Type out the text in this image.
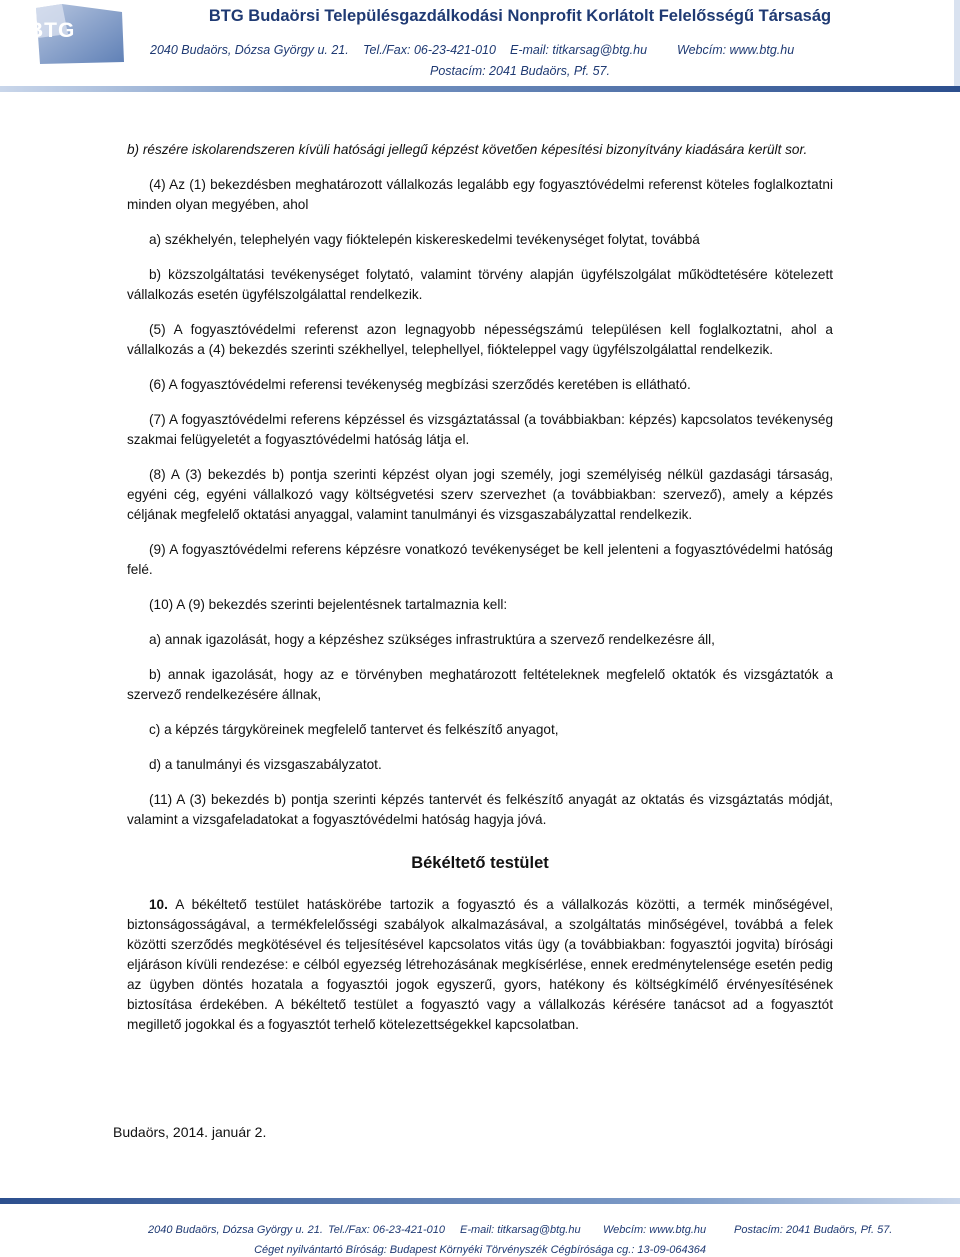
BTG
BTG Budaörsi Településgazdálkodási Nonprofit Korlátolt Felelősségű Társaság
2040 Budaörs, Dózsa György u. 21. Tel./Fax: 06-23-421-010 E-mail: titkarsag@btg.hu Webcím: www.btg.hu
Postacím: 2041 Budaörs, Pf. 57.

b) részére iskolarendszeren kívüli hatósági jellegű képzést követően képesítési bizonyítvány kiadására került sor.

(4) Az (1) bekezdésben meghatározott vállalkozás legalább egy fogyasztóvédelmi referenst köteles foglalkoztatni minden olyan megyében, ahol

a) székhelyén, telephelyén vagy fióktelepén kiskereskedelmi tevékenységet folytat, továbbá

b) közszolgáltatási tevékenységet folytató, valamint törvény alapján ügyfélszolgálat működtetésére kötelezett vállalkozás esetén ügyfélszolgálattal rendelkezik.

(5) A fogyasztóvédelmi referenst azon legnagyobb népességszámú településen kell foglalkoztatni, ahol a vállalkozás a (4) bekezdés szerinti székhellyel, telephellyel, fiókteleppel vagy ügyfélszolgálattal rendelkezik.

(6) A fogyasztóvédelmi referensi tevékenység megbízási szerződés keretében is ellátható.

(7) A fogyasztóvédelmi referens képzéssel és vizsgáztatással (a továbbiakban: képzés) kapcsolatos tevékenység szakmai felügyeletét a fogyasztóvédelmi hatóság látja el.

(8) A (3) bekezdés b) pontja szerinti képzést olyan jogi személy, jogi személyiség nélkül gazdasági társaság, egyéni cég, egyéni vállalkozó vagy költségvetési szerv szervezhet (a továbbiakban: szervező), amely a képzés céljának megfelelő oktatási anyaggal, valamint tanulmányi és vizsgaszabályzattal rendelkezik.

(9) A fogyasztóvédelmi referens képzésre vonatkozó tevékenységet be kell jelenteni a fogyasztóvédelmi hatóság felé.

(10) A (9) bekezdés szerinti bejelentésnek tartalmaznia kell:

a) annak igazolását, hogy a képzéshez szükséges infrastruktúra a szervező rendelkezésre áll,

b) annak igazolását, hogy az e törvényben meghatározott feltételeknek megfelelő oktatók és vizsgáztatók a szervező rendelkezésére állnak,

c) a képzés tárgyköreinek megfelelő tantervet és felkészítő anyagot,

d) a tanulmányi és vizsgaszabályzatot.

(11) A (3) bekezdés b) pontja szerinti képzés tantervét és felkészítő anyagát az oktatás és vizsgáztatás módját, valamint a vizsgafeladatokat a fogyasztóvédelmi hatóság hagyja jóvá.

Békéltető testület

10. A békéltető testület hatáskörébe tartozik a fogyasztó és a vállalkozás közötti, a termék minőségével, biztonságosságával, a termékfelelősségi szabályok alkalmazásával, a szolgáltatás minőségével, továbbá a felek közötti szerződés megkötésével és teljesítésével kapcsolatos vitás ügy (a továbbiakban: fogyasztói jogvita) bírósági eljáráson kívüli rendezése: e célból egyezség létrehozásának megkísérlése, ennek eredménytelensége esetén pedig az ügyben döntés hozatala a fogyasztói jogok egyszerű, gyors, hatékony és költségkímélő érvényesítésének biztosítása érdekében. A békéltető testület a fogyasztó vagy a vállalkozás kérésére tanácsot ad a fogyasztót megillető jogokkal és a fogyasztót terhelő kötelezettségekkel kapcsolatban.

Budaörs, 2014. január 2.
2040 Budaörs, Dózsa György u. 21. Tel./Fax: 06-23-421-010 E-mail: titkarsag@btg.hu Webcím: www.btg.hu	Postacím: 2041 Budaörs, Pf. 57.
Céget nyilvántartó Bíróság: Budapest Környéki Törvényszék Cégbírósága cg.: 13-09-064364
